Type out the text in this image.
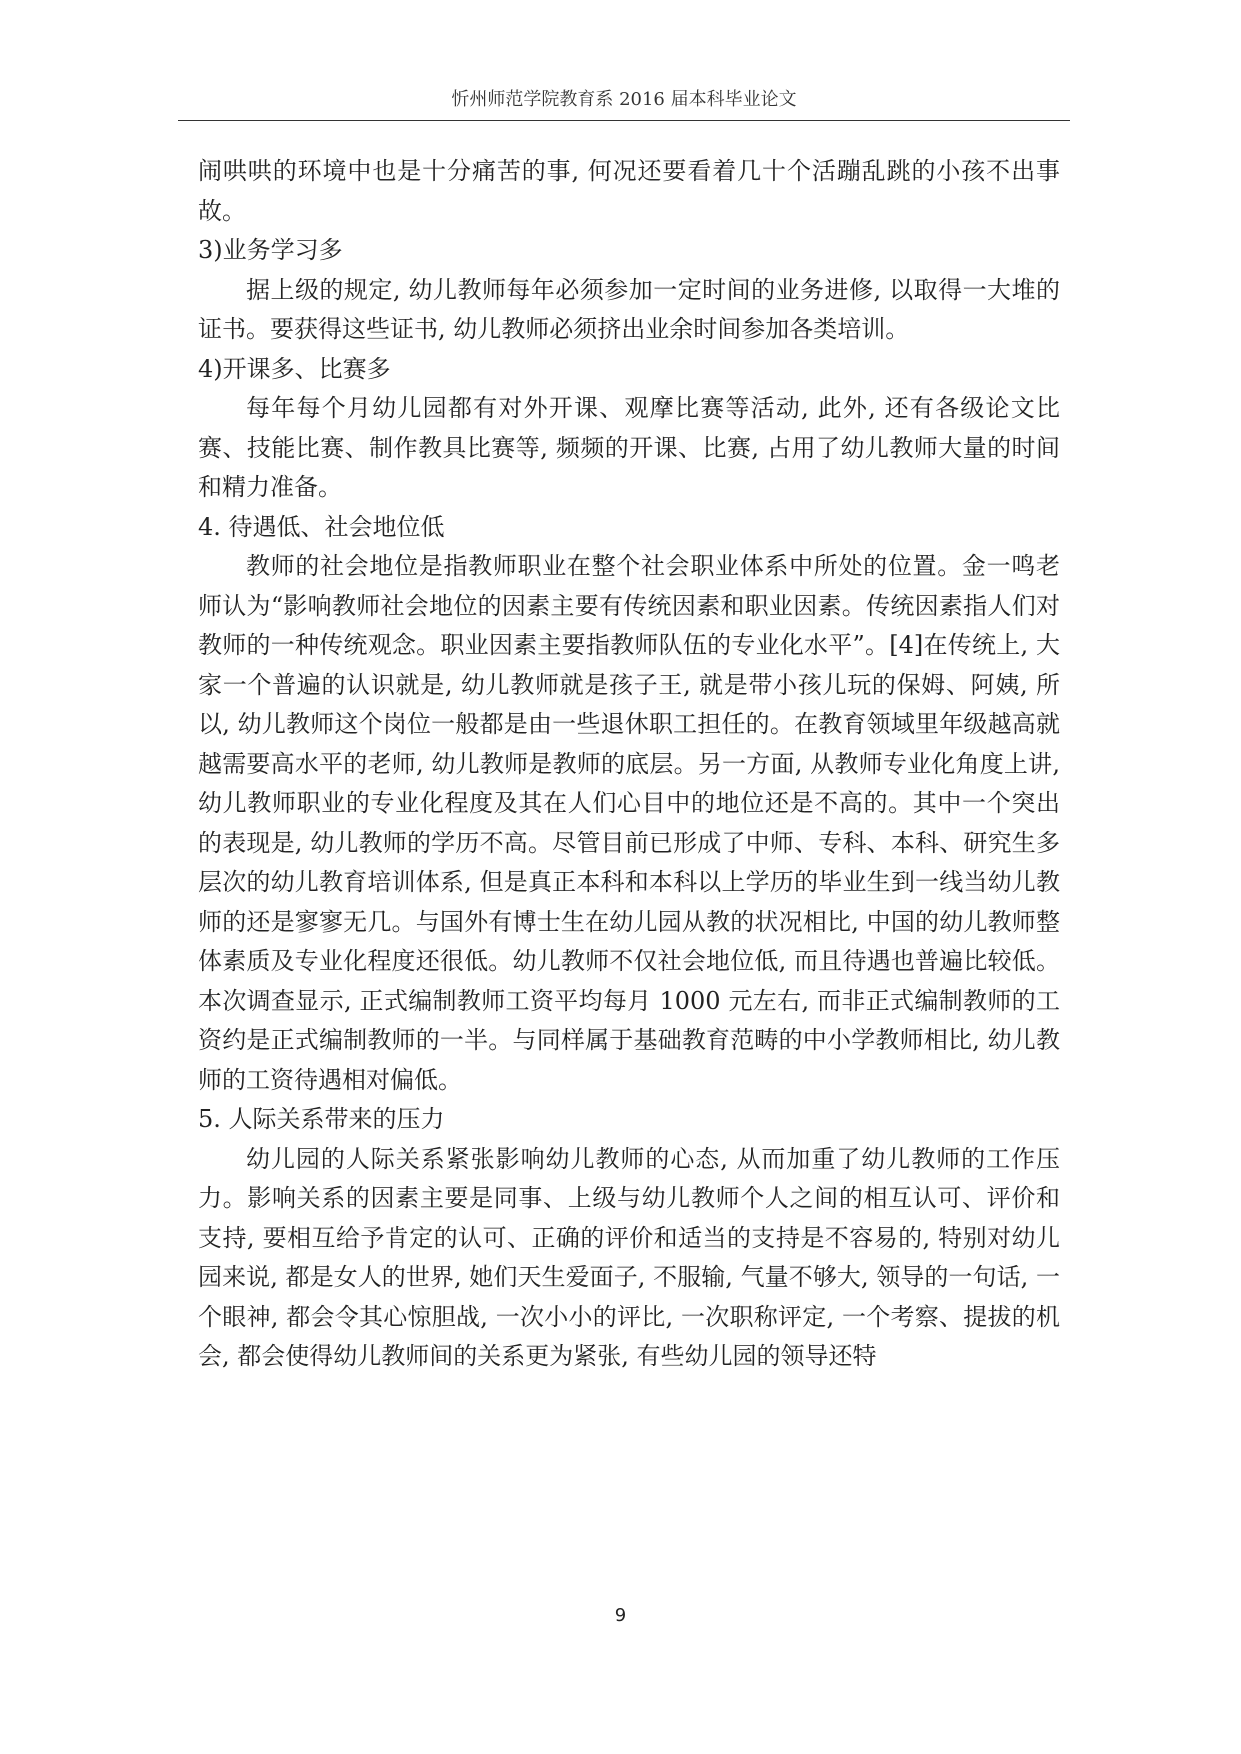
忻州师范学院教育系 2016 届本科毕业论文

闹哄哄的环境中也是十分痛苦的事, 何况还要看着几十个活蹦乱跳的小孩不出事故。

3)业务学习多

据上级的规定, 幼儿教师每年必须参加一定时间的业务进修, 以取得一大堆的证书。要获得这些证书, 幼儿教师必须挤出业余时间参加各类培训。

4)开课多、比赛多

每年每个月幼儿园都有对外开课、观摩比赛等活动, 此外, 还有各级论文比赛、技能比赛、制作教具比赛等, 频频的开课、比赛, 占用了幼儿教师大量的时间和精力准备。

4. 待遇低、社会地位低

教师的社会地位是指教师职业在整个社会职业体系中所处的位置。金一鸣老师认为“影响教师社会地位的因素主要有传统因素和职业因素。传统因素指人们对教师的一种传统观念。职业因素主要指教师队伍的专业化水平”。[4]在传统上, 大家一个普遍的认识就是, 幼儿教师就是孩子王, 就是带小孩儿玩的保姆、阿姨, 所以, 幼儿教师这个岗位一般都是由一些退休职工担任的。在教育领域里年级越高就越需要高水平的老师, 幼儿教师是教师的底层。另一方面, 从教师专业化角度上讲, 幼儿教师职业的专业化程度及其在人们心目中的地位还是不高的。其中一个突出的表现是, 幼儿教师的学历不高。尽管目前已形成了中师、专科、本科、研究生多层次的幼儿教育培训体系, 但是真正本科和本科以上学历的毕业生到一线当幼儿教师的还是寥寥无几。与国外有博士生在幼儿园从教的状况相比, 中国的幼儿教师整体素质及专业化程度还很低。幼儿教师不仅社会地位低, 而且待遇也普遍比较低。本次调查显示, 正式编制教师工资平均每月 1000 元左右, 而非正式编制教师的工资约是正式编制教师的一半。与同样属于基础教育范畴的中小学教师相比, 幼儿教师的工资待遇相对偏低。

5. 人际关系带来的压力

幼儿园的人际关系紧张影响幼儿教师的心态, 从而加重了幼儿教师的工作压力。影响关系的因素主要是同事、上级与幼儿教师个人之间的相互认可、评价和支持, 要相互给予肯定的认可、正确的评价和适当的支持是不容易的, 特别对幼儿园来说, 都是女人的世界, 她们天生爱面子, 不服输, 气量不够大, 领导的一句话, 一个眼神, 都会令其心惊胆战, 一次小小的评比, 一次职称评定, 一个考察、提拔的机会, 都会使得幼儿教师间的关系更为紧张, 有些幼儿园的领导还特

9
